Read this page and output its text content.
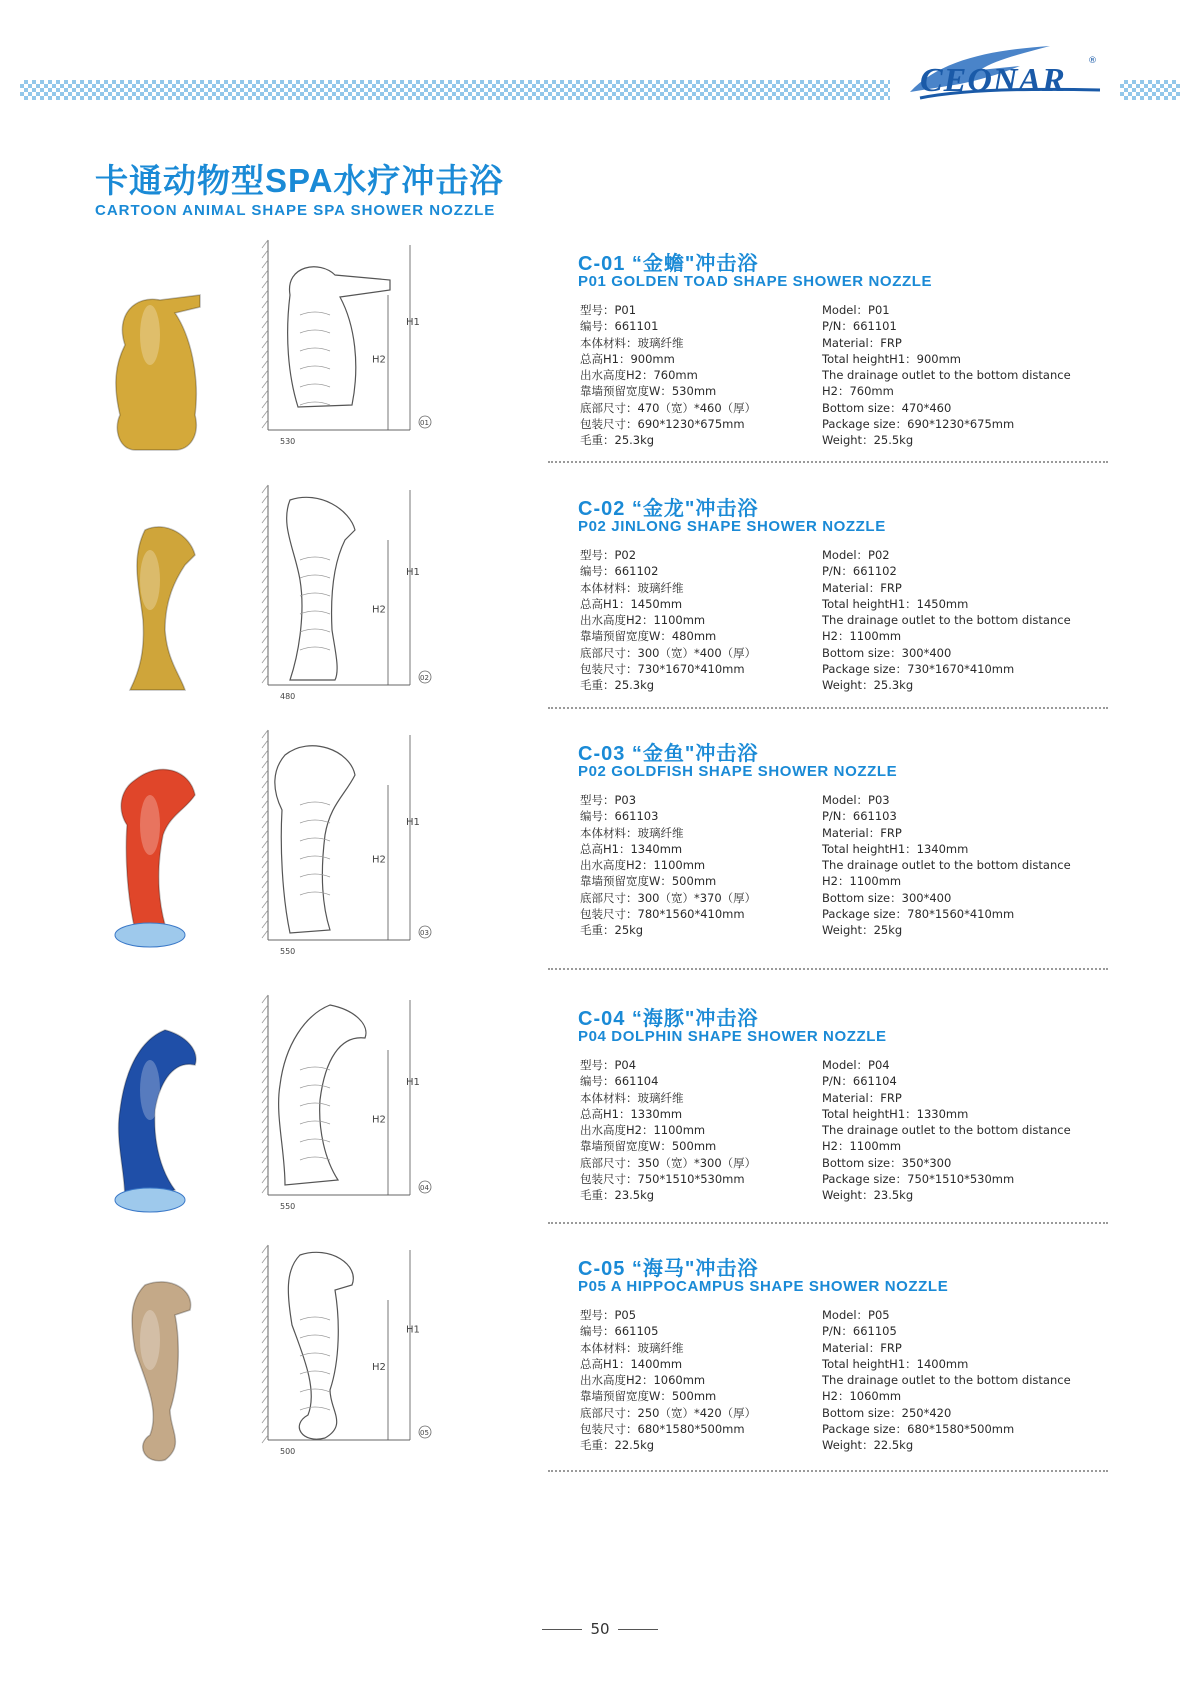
CEONAR
®
卡通动物型SPA水疗冲击浴
CARTOON ANIMAL SHAPE SPA SHOWER NOZZLE
H1
H2
530
01
C-01 “金蟾"冲击浴
P01 GOLDEN TOAD SHAPE SHOWER NOZZLE
型号：P01
编号：661101
本体材料：玻璃纤维
总高H1：900mm
出水高度H2：760mm
靠墙预留宽度W：530mm
底部尺寸：470（宽）*460（厚）
包装尺寸：690*1230*675mm
毛重：25.3kg
Model：P01
P/N：661101
Material：FRP
Total heightH1：900mm
The drainage outlet to the bottom distance
H2：760mm
Bottom size：470*460
Package size：690*1230*675mm
Weight：25.5kg
H1
H2
480
02
C-02 “金龙"冲击浴
P02 JINLONG SHAPE SHOWER NOZZLE
型号：P02
编号：661102
本体材料：玻璃纤维
总高H1：1450mm
出水高度H2：1100mm
靠墙预留宽度W：480mm
底部尺寸：300（宽）*400（厚）
包装尺寸：730*1670*410mm
毛重：25.3kg
Model：P02
P/N：661102
Material：FRP
Total heightH1：1450mm
The drainage outlet to the bottom distance
H2：1100mm
Bottom size：300*400
Package size：730*1670*410mm
Weight：25.3kg
H1
H2
550
03
C-03 “金鱼"冲击浴
P02 GOLDFISH SHAPE SHOWER NOZZLE
型号：P03
编号：661103
本体材料：玻璃纤维
总高H1：1340mm
出水高度H2：1100mm
靠墙预留宽度W：500mm
底部尺寸：300（宽）*370（厚）
包装尺寸：780*1560*410mm
毛重：25kg
Model：P03
P/N：661103
Material：FRP
Total heightH1：1340mm
The drainage outlet to the bottom distance
H2：1100mm
Bottom size：300*400
Package size：780*1560*410mm
Weight：25kg
H1
H2
550
04
C-04 “海豚"冲击浴
P04 DOLPHIN SHAPE SHOWER NOZZLE
型号：P04
编号：661104
本体材料：玻璃纤维
总高H1：1330mm
出水高度H2：1100mm
靠墙预留宽度W：500mm
底部尺寸：350（宽）*300（厚）
包装尺寸：750*1510*530mm
毛重：23.5kg
Model：P04
P/N：661104
Material：FRP
Total heightH1：1330mm
The drainage outlet to the bottom distance
H2：1100mm
Bottom size：350*300
Package size：750*1510*530mm
Weight：23.5kg
H1
H2
500
05
C-05 “海马"冲击浴
P05 A HIPPOCAMPUS SHAPE SHOWER NOZZLE
型号：P05
编号：661105
本体材料：玻璃纤维
总高H1：1400mm
出水高度H2：1060mm
靠墙预留宽度W：500mm
底部尺寸：250（宽）*420（厚）
包装尺寸：680*1580*500mm
毛重：22.5kg
Model：P05
P/N：661105
Material：FRP
Total heightH1：1400mm
The drainage outlet to the bottom distance
H2：1060mm
Bottom size：250*420
Package size：680*1580*500mm
Weight：22.5kg
50
